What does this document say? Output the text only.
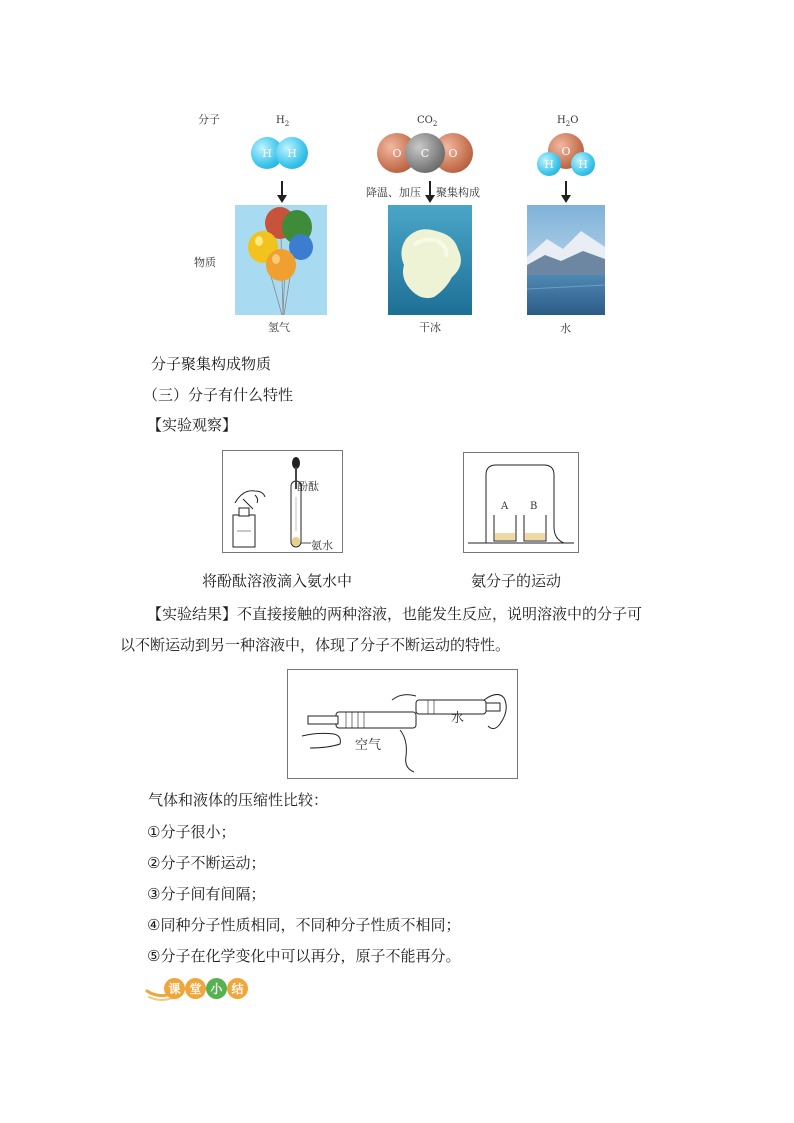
分子
物质
$H_2$
H H
氢气
$CO_2$
O	O
C
降温、加压 聚集构成
干冰
$H_2O$
O
H H
水
分子聚集构成物质
（三）分子有什么特性
【实验观察】
酚酞
氨水
A B
将酚酞溶液滴入氨水中	氨分子的运动
【实验结果】不直接接触的两种溶液，也能发生反应，说明溶液中的分子可
以不断运动到另一种溶液中，体现了分子不断运动的特性。
水
空气
气体和液体的压缩性比较：
①分子很小；
②分子不断运动；
③分子间有间隔；
④同种分子性质相同，不同种分子性质不相同；
⑤分子在化学变化中可以再分，原子不能再分。
课 堂 小 结
